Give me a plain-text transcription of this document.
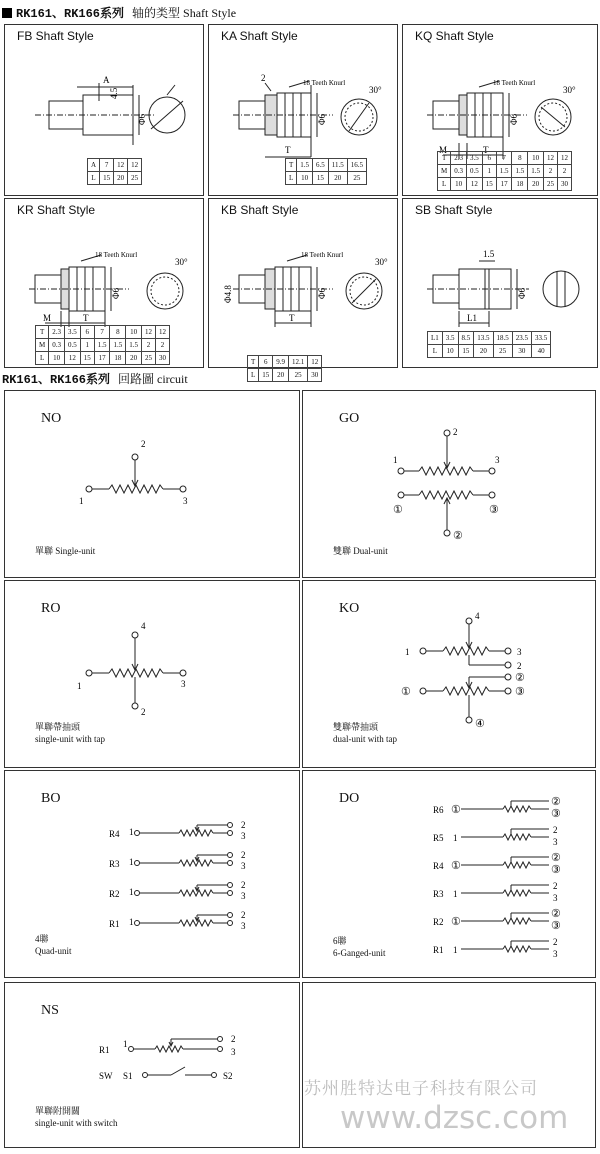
RK161、RK166系列 轴的类型 Shaft Style
FB Shaft Style
A
4.5
Φ6
A	7	12	12
L	15	20	25
KA Shaft Style
2	18 Teeth Knurl
30°
T
Φ6
T	1.5	6.5	11.5	16.5
L	10	15	20	25
KQ Shaft Style
18 Teeth Knurl
30°
M	T
Φ6
T	2.3	3.5	6	7	8	10	12	12
M	0.3	0.5	1	1.5	1.5	1.5	2	2
L	10	12	15	17	18	20	25	30
KR Shaft Style
18 Teeth Knurl
30°
M	T
Φ6
T	2.3	3.5	6	7	8	10	12	12
M	0.3	0.5	1	1.5	1.5	1.5	2	2
L	10	12	15	17	18	20	25	30
KB Shaft Style
18 Teeth Knurl
30°
T
Φ4.8	Φ6
T	6	9.9	12.1	12
L	15	20	25	30
SB Shaft Style
1.5
L1
Φ6
L1	3.5	8.5	13.5	18.5	23.5	33.5
L	10	15	20	25	30	40
RK161、RK166系列 回路圖 circuit
NO
1
2
3
單聯 Single-unit
GO
1
2
3
①
②
③
雙聯 Dual-unit
RO
1
2
3
4
單聯帶抽頭
single-unit with tap
KO
1
2
3
4
①
②
③
④
雙聯帶抽頭
dual-unit with tap
BO
R4
R3
R2
R1
1
1
1
1
2
3
2
3
2
3
2
3
4聯
Quad-unit
DO
R6
R5
R4
R3
R2
R1
①
1
①
1
①
1
②
③
2
3
②
③
2
3
②
③
2
3
6聯
6-Ganged-unit
NS
R1
1	2
3
SW S1	S2
單聯附開關
single-unit with switch
苏州胜特达电子科技有限公司
www.dzsc.com
